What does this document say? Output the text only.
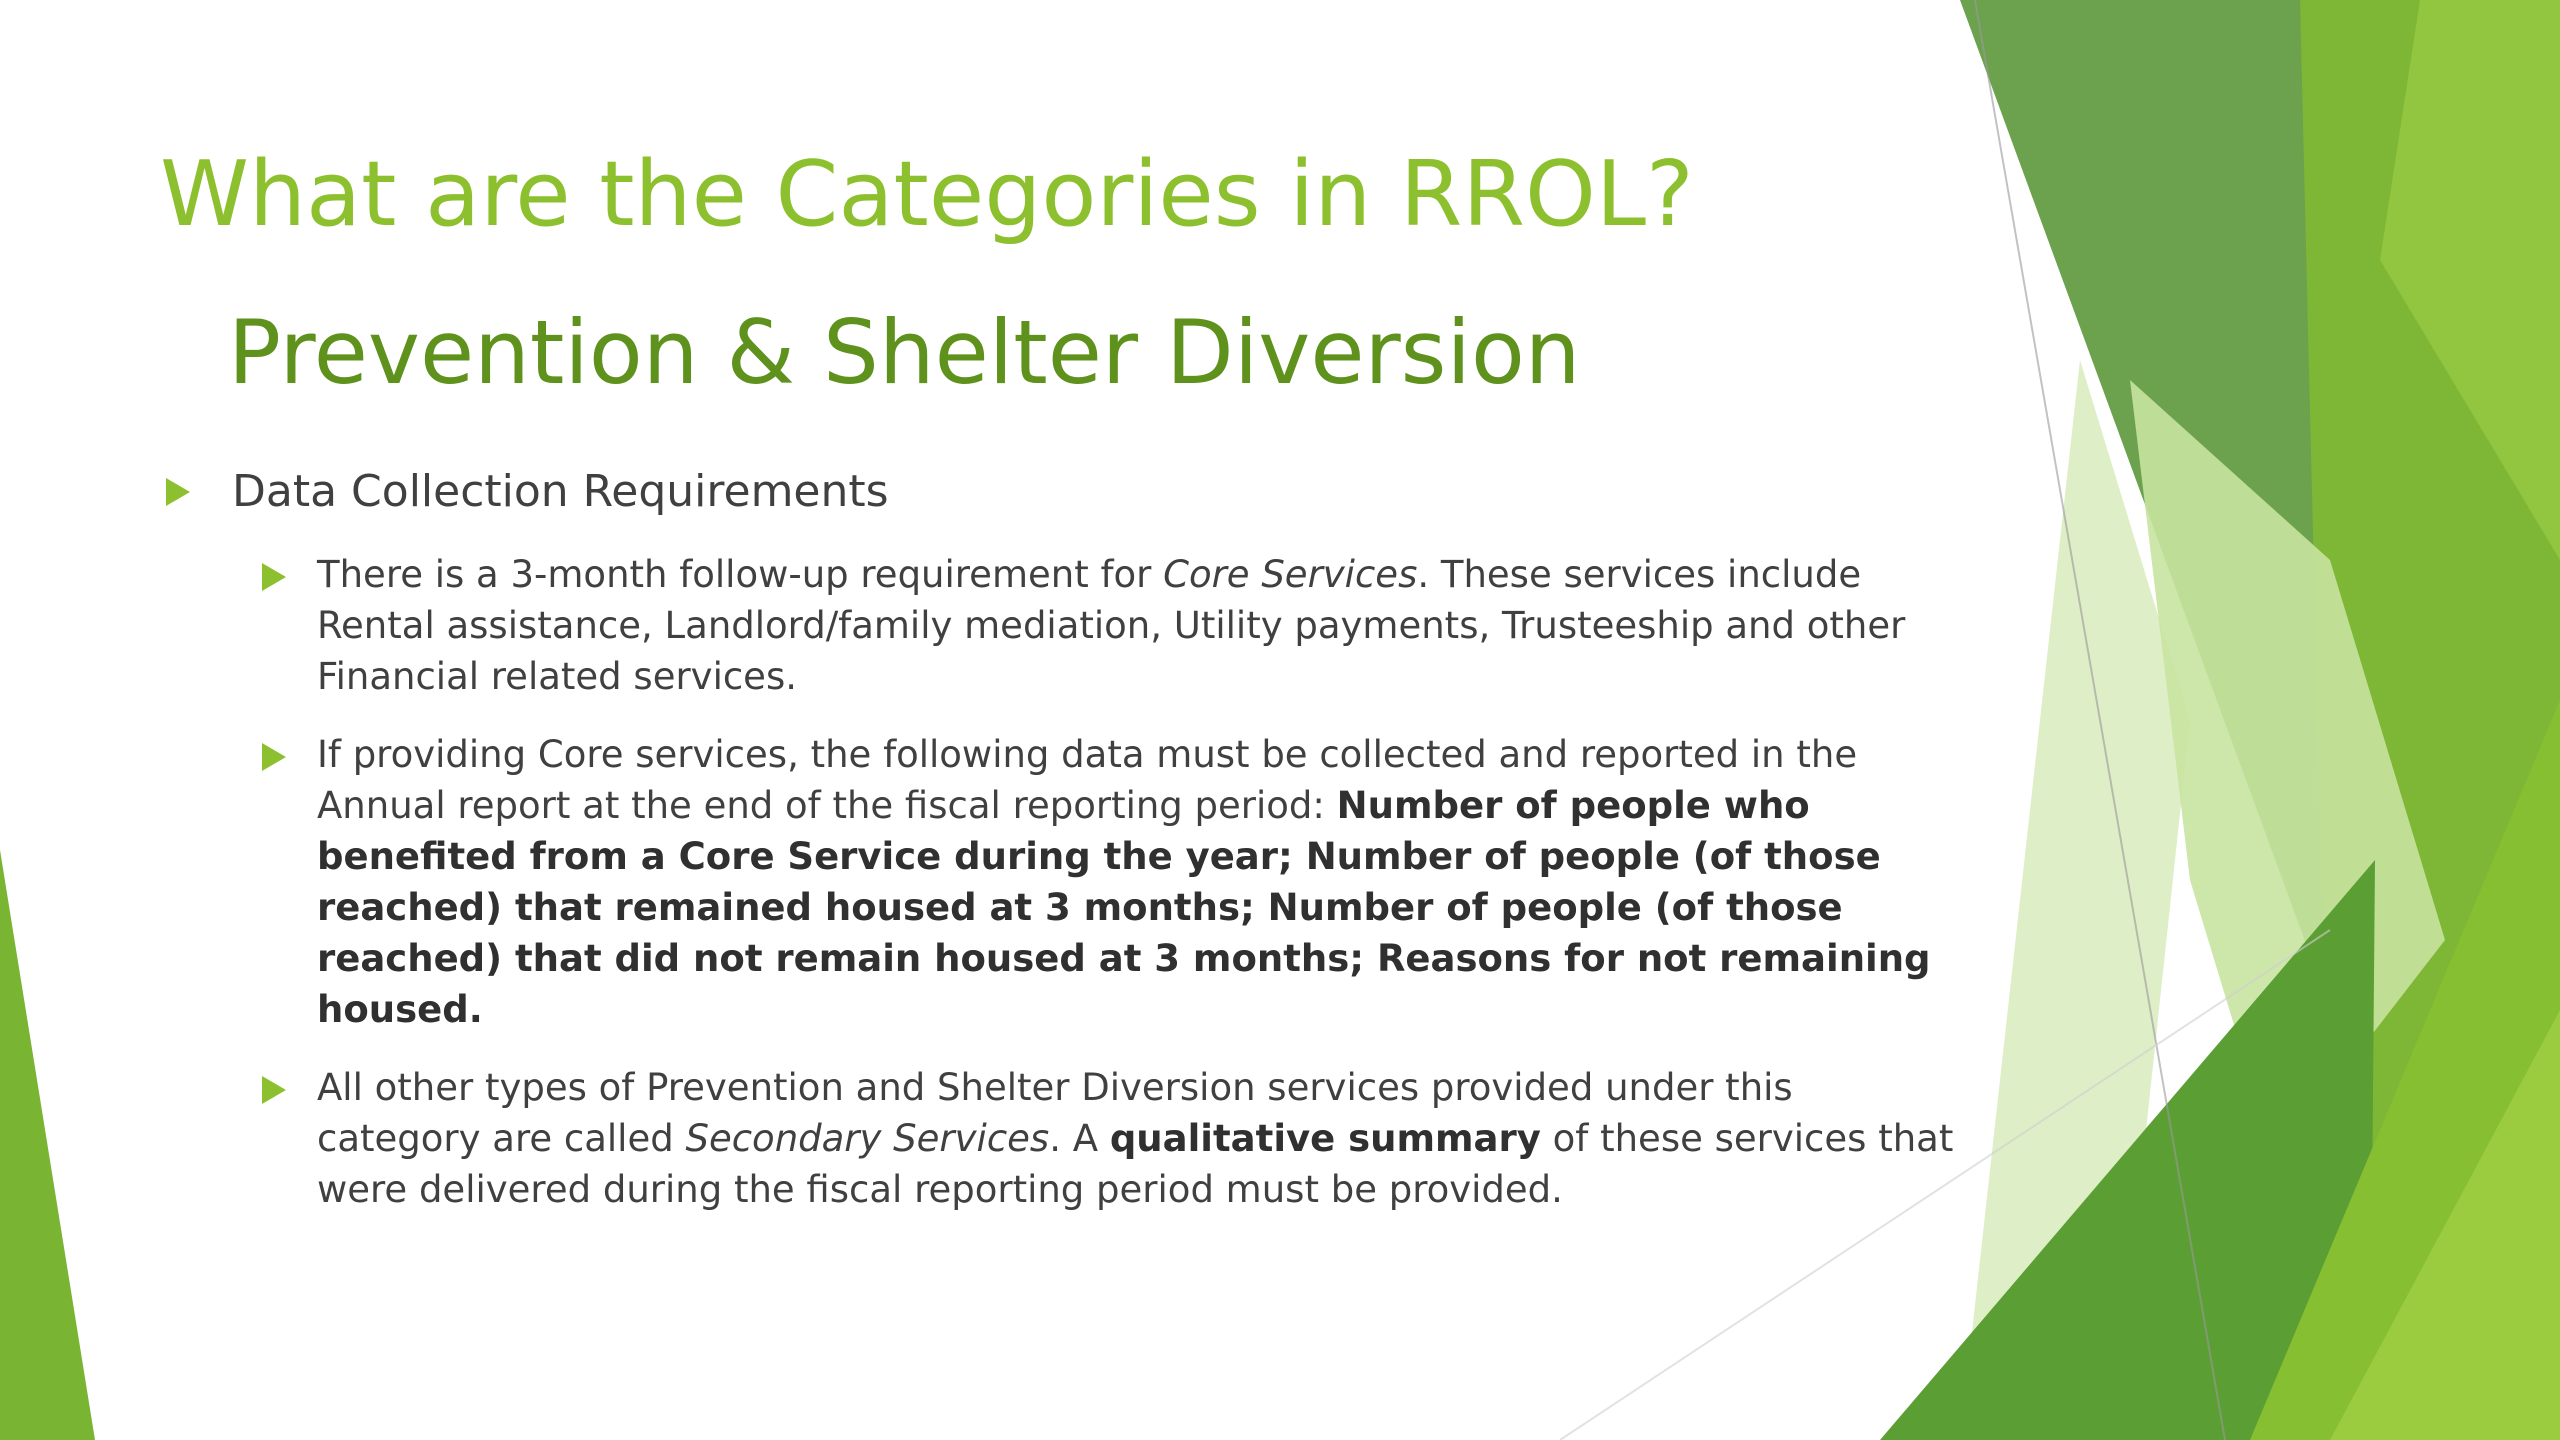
What are the Categories in RROL?
Prevention & Shelter Diversion
Data Collection Requirements
There is a 3-month follow-up requirement for Core Services. These services include Rental assistance, Landlord/family mediation, Utility payments, Trusteeship and other Financial related services.
If providing Core services, the following data must be collected and reported in the Annual report at the end of the fiscal reporting period: Number of people who benefited from a Core Service during the year; Number of people (of those reached) that remained housed at 3 months; Number of people (of those reached) that did not remain housed at 3 months; Reasons for not remaining housed.
All other types of Prevention and Shelter Diversion services provided under this category are called Secondary Services. A qualitative summary of these services that were delivered during the fiscal reporting period must be provided.
